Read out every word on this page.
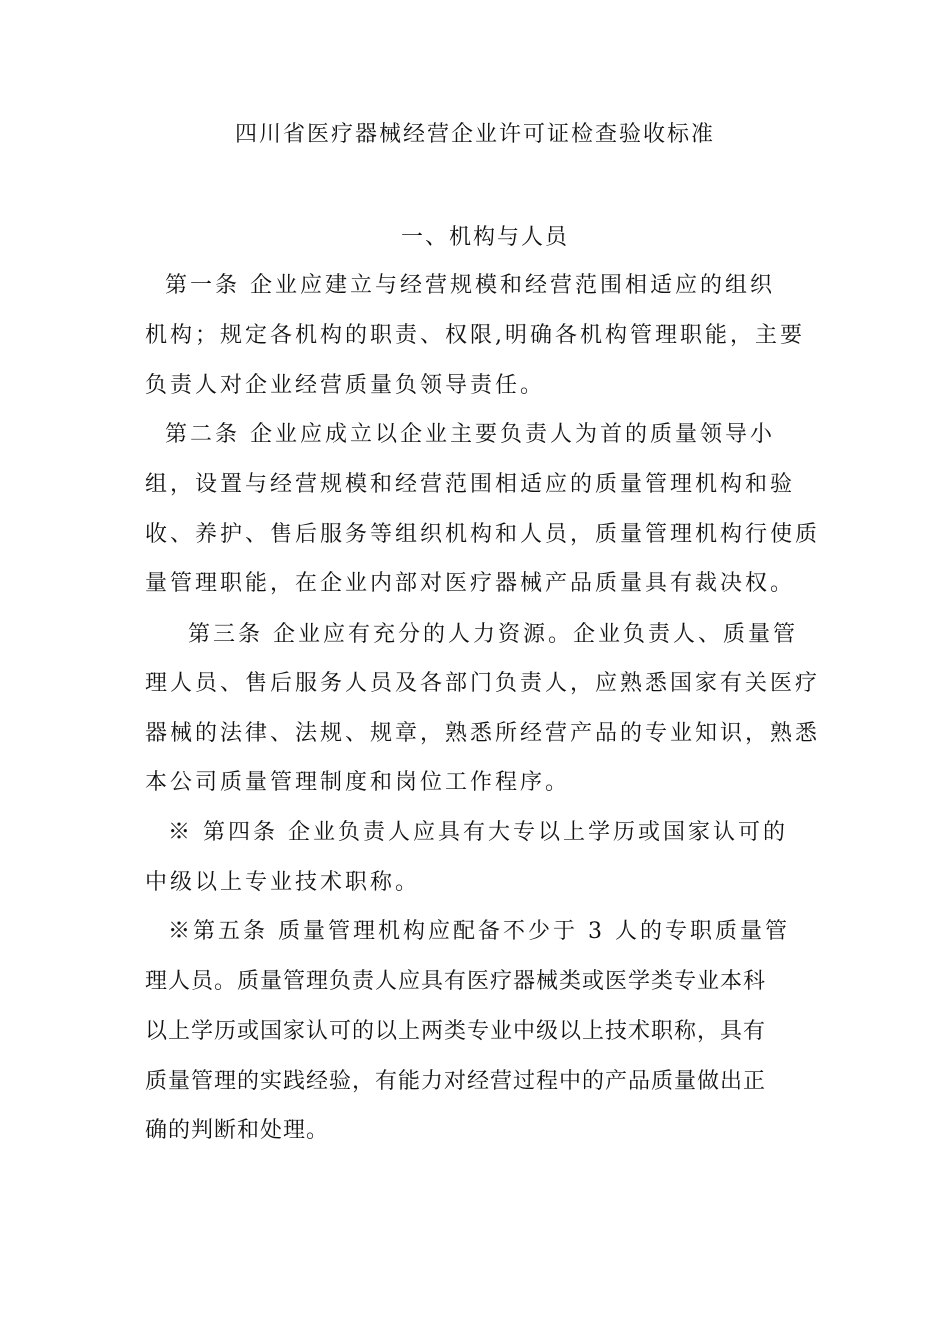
四川省医疗器械经营企业许可证检查验收标准
一、机构与人员
第一条 企业应建立与经营规模和经营范围相适应的组织
机构；规定各机构的职责、权限,明确各机构管理职能，主要
负责人对企业经营质量负领导责任。
第二条 企业应成立以企业主要负责人为首的质量领导小
组，设置与经营规模和经营范围相适应的质量管理机构和验
收、养护、售后服务等组织机构和人员，质量管理机构行使质
量管理职能，在企业内部对医疗器械产品质量具有裁决权。
第三条 企业应有充分的人力资源。企业负责人、质量管
理人员、售后服务人员及各部门负责人，应熟悉国家有关医疗
器械的法律、法规、规章，熟悉所经营产品的专业知识，熟悉
本公司质量管理制度和岗位工作程序。
※ 第四条 企业负责人应具有大专以上学历或国家认可的
中级以上专业技术职称。
※第五条 质量管理机构应配备不少于 3 人的专职质量管
理人员。质量管理负责人应具有医疗器械类或医学类专业本科
以上学历或国家认可的以上两类专业中级以上技术职称，具有
质量管理的实践经验，有能力对经营过程中的产品质量做出正
确的判断和处理。
